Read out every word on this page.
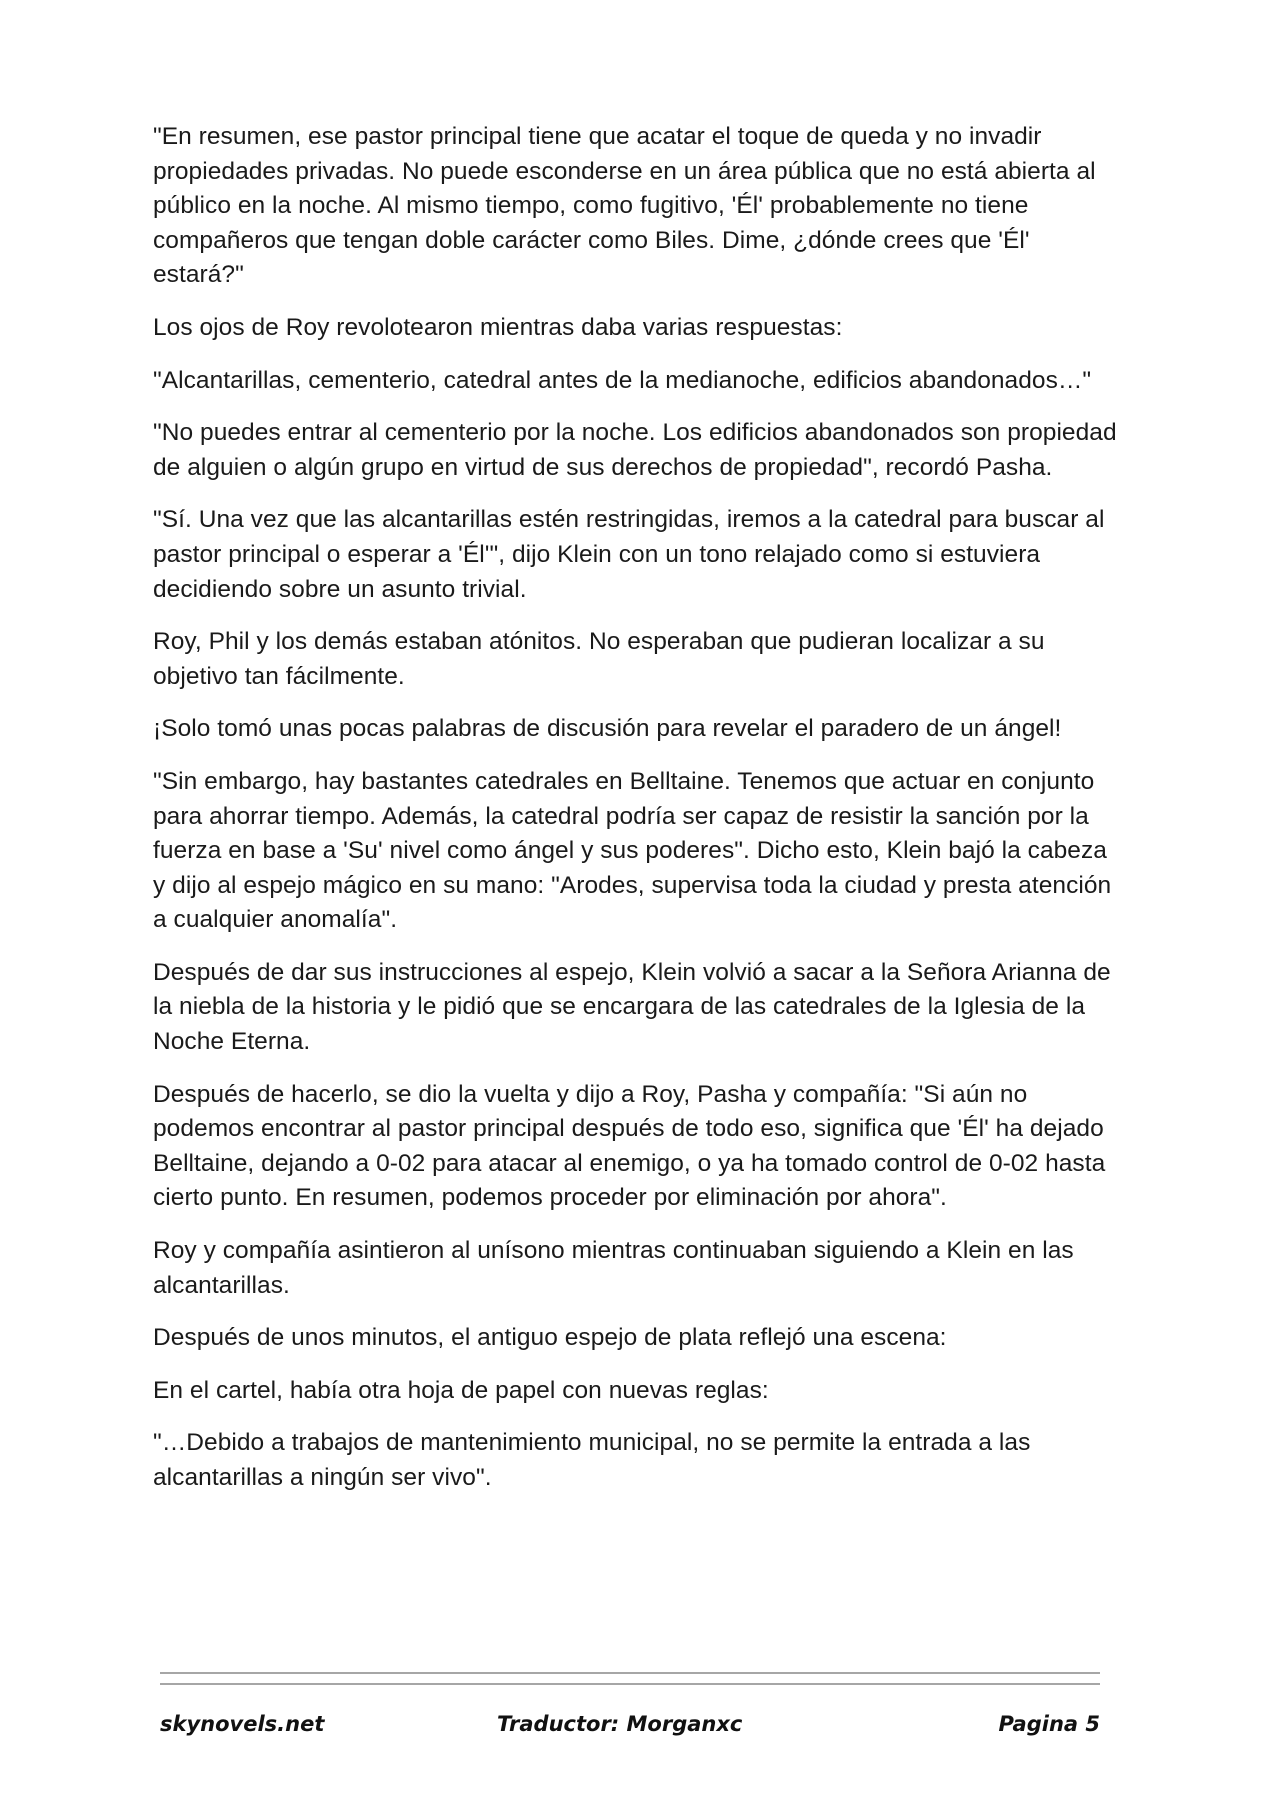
"En resumen, ese pastor principal tiene que acatar el toque de queda y no invadir propiedades privadas. No puede esconderse en un área pública que no está abierta al público en la noche. Al mismo tiempo, como fugitivo, 'Él' probablemente no tiene compañeros que tengan doble carácter como Biles. Dime, ¿dónde crees que 'Él' estará?"

Los ojos de Roy revolotearon mientras daba varias respuestas:

"Alcantarillas, cementerio, catedral antes de la medianoche, edificios abandonados…"

"No puedes entrar al cementerio por la noche. Los edificios abandonados son propiedad de alguien o algún grupo en virtud de sus derechos de propiedad", recordó Pasha.

"Sí. Una vez que las alcantarillas estén restringidas, iremos a la catedral para buscar al pastor principal o esperar a 'Él'", dijo Klein con un tono relajado como si estuviera decidiendo sobre un asunto trivial.

Roy, Phil y los demás estaban atónitos. No esperaban que pudieran localizar a su objetivo tan fácilmente.

¡Solo tomó unas pocas palabras de discusión para revelar el paradero de un ángel!

"Sin embargo, hay bastantes catedrales en Belltaine. Tenemos que actuar en conjunto para ahorrar tiempo. Además, la catedral podría ser capaz de resistir la sanción por la fuerza en base a 'Su' nivel como ángel y sus poderes". Dicho esto, Klein bajó la cabeza y dijo al espejo mágico en su mano: "Arodes, supervisa toda la ciudad y presta atención a cualquier anomalía".

Después de dar sus instrucciones al espejo, Klein volvió a sacar a la Señora Arianna de la niebla de la historia y le pidió que se encargara de las catedrales de la Iglesia de la Noche Eterna.

Después de hacerlo, se dio la vuelta y dijo a Roy, Pasha y compañía: "Si aún no podemos encontrar al pastor principal después de todo eso, significa que 'Él' ha dejado Belltaine, dejando a 0-02 para atacar al enemigo, o ya ha tomado control de 0-02 hasta cierto punto. En resumen, podemos proceder por eliminación por ahora".

Roy y compañía asintieron al unísono mientras continuaban siguiendo a Klein en las alcantarillas.

Después de unos minutos, el antiguo espejo de plata reflejó una escena:

En el cartel, había otra hoja de papel con nuevas reglas:

"…Debido a trabajos de mantenimiento municipal, no se permite la entrada a las alcantarillas a ningún ser vivo".

skynovels.net	Traductor: Morganxc	Pagina 5
